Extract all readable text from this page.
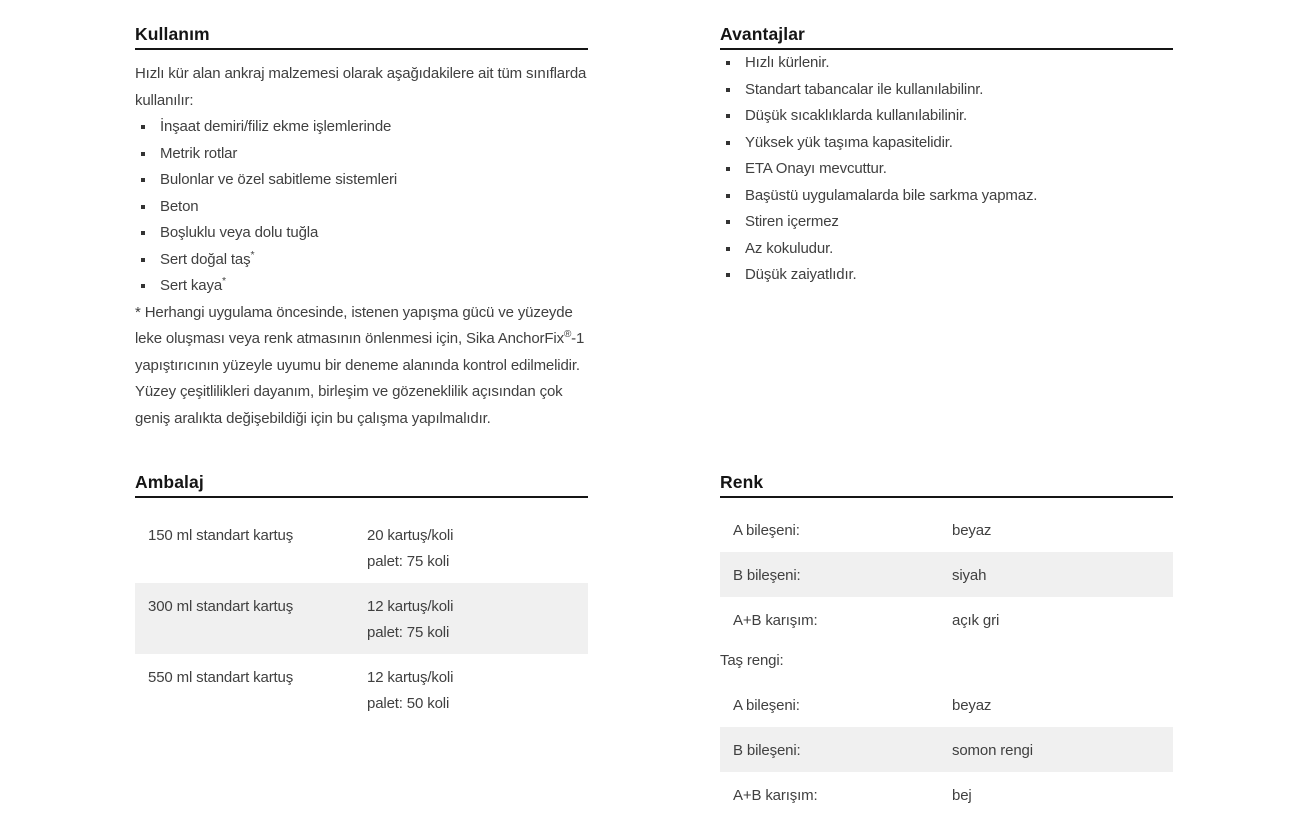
Kullanım

Hızlı kür alan ankraj malzemesi olarak aşağıdakilere ait tüm sınıflarda kullanılır:

İnşaat demiri/filiz ekme işlemlerinde
Metrik rotlar
Bulonlar ve özel sabitleme sistemleri
Beton
Boşluklu veya dolu tuğla
Sert doğal taş*
Sert kaya*

* Herhangi uygulama öncesinde, istenen yapışma gücü ve yüzeyde leke oluşması veya renk atmasının önlenmesi için, Sika AnchorFix®-1 yapıştırıcının yüzeyle uyumu bir deneme alanında kontrol edilmelidir. Yüzey çeşitlilikleri dayanım, birleşim ve gözeneklilik açısından çok geniş aralıkta değişebildiği için bu çalışma yapılmalıdır.

Ambalaj
150 ml standart kartuş	20 kartuş/koli
palet: 75 koli
300 ml standart kartuş	12 kartuş/koli
palet: 75 koli
550 ml standart kartuş	12 kartuş/koli
palet: 50 koli
Avantajlar
Hızlı kürlenir.
Standart tabancalar ile kullanılabilinr.
Düşük sıcaklıklarda kullanılabilinir.
Yüksek yük taşıma kapasitelidir.
ETA Onayı mevcuttur.
Başüstü uygulamalarda bile sarkma yapmaz.
Stiren içermez
Az kokuludur.
Düşük zaiyatlıdır.
Renk
A bileşeni:	beyaz
B bileşeni:	siyah
A+B karışım:	açık gri

Taş rengi:

A bileşeni:	beyaz
B bileşeni:	somon rengi
A+B karışım:	bej
